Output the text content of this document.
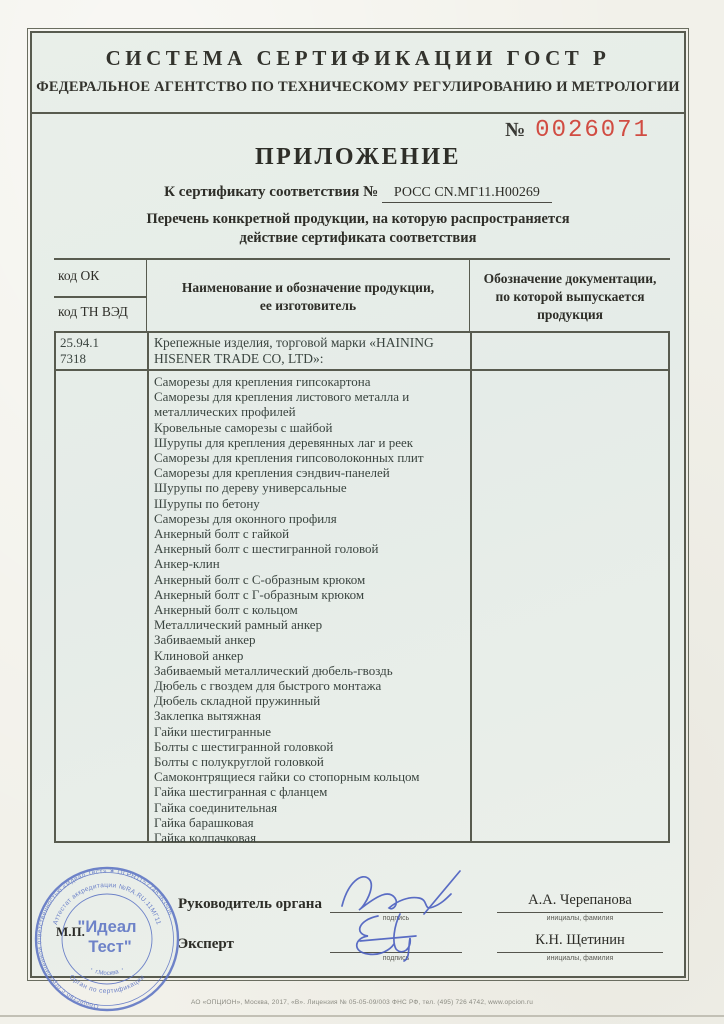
СИСТЕМА СЕРТИФИКАЦИИ ГОСТ Р
ФЕДЕРАЛЬНОЕ АГЕНТСТВО ПО ТЕХНИЧЕСКОМУ РЕГУЛИРОВАНИЮ И МЕТРОЛОГИИ
№ 0026071
ПРИЛОЖЕНИЕ
К сертификату соответствия № РОСС CN.МГ11.Н00269
Перечень конкретной продукции, на которую распространяется
действие сертификата соответствия
код ОК
код ТН ВЭД
Наименование и обозначение продукции, ее изготовитель
Обозначение документации, по которой выпускается продукция
25.94.1
7318
Крепежные изделия, торговой марки «HAINING HISENER TRADE CO, LTD»:
Саморезы для крепления гипсокартона
Саморезы для крепления листового металла и металлических профилей
Кровельные саморезы с шайбой
Шурупы для крепления деревянных лаг и реек
Саморезы для крепления гипсоволоконных плит
Саморезы для крепления сэндвич-панелей
Шурупы по дереву универсальные
Шурупы по бетону
Саморезы для оконного профиля
Анкерный болт с гайкой
Анкерный болт с шестигранной головой
Анкер-клин
Анкерный болт с С-образным крюком
Анкерный болт с Г-образным крюком
Анкерный болт с кольцом
Металлический рамный анкер
Забиваемый анкер
Клиновой анкер
Забиваемый металлический дюбель-гвоздь
Дюбель с гвоздем для быстрого монтажа
Дюбель складной пружинный
Заклепка вытяжная
Гайки шестигранные
Болты с шестигранной головкой
Болты с полукруглой головкой
Самоконтрящиеся гайки со стопорным кольцом
Гайка шестигранная с фланцем
Гайка соединительная
Гайка барашковая
Гайка колпачковая
Руководитель органа
Эксперт
подпись
подпись
инициалы, фамилия
инициалы, фамилия
А.А. Черепанова
К.Н. Щетинин
М.П.
Общество с ограниченной ответственностью «Идеал Тест» ✶ ОГРН1157746363506
Аттестат аккредитации №RA.RU.11МГ11
Орган по сертификации
・ г.Москва ・
"Идеал
Тест"
АО «ОПЦИОН», Москва, 2017, «В». Лицензия № 05-05-09/003 ФНС РФ, тел. (495) 726 4742, www.opcion.ru
